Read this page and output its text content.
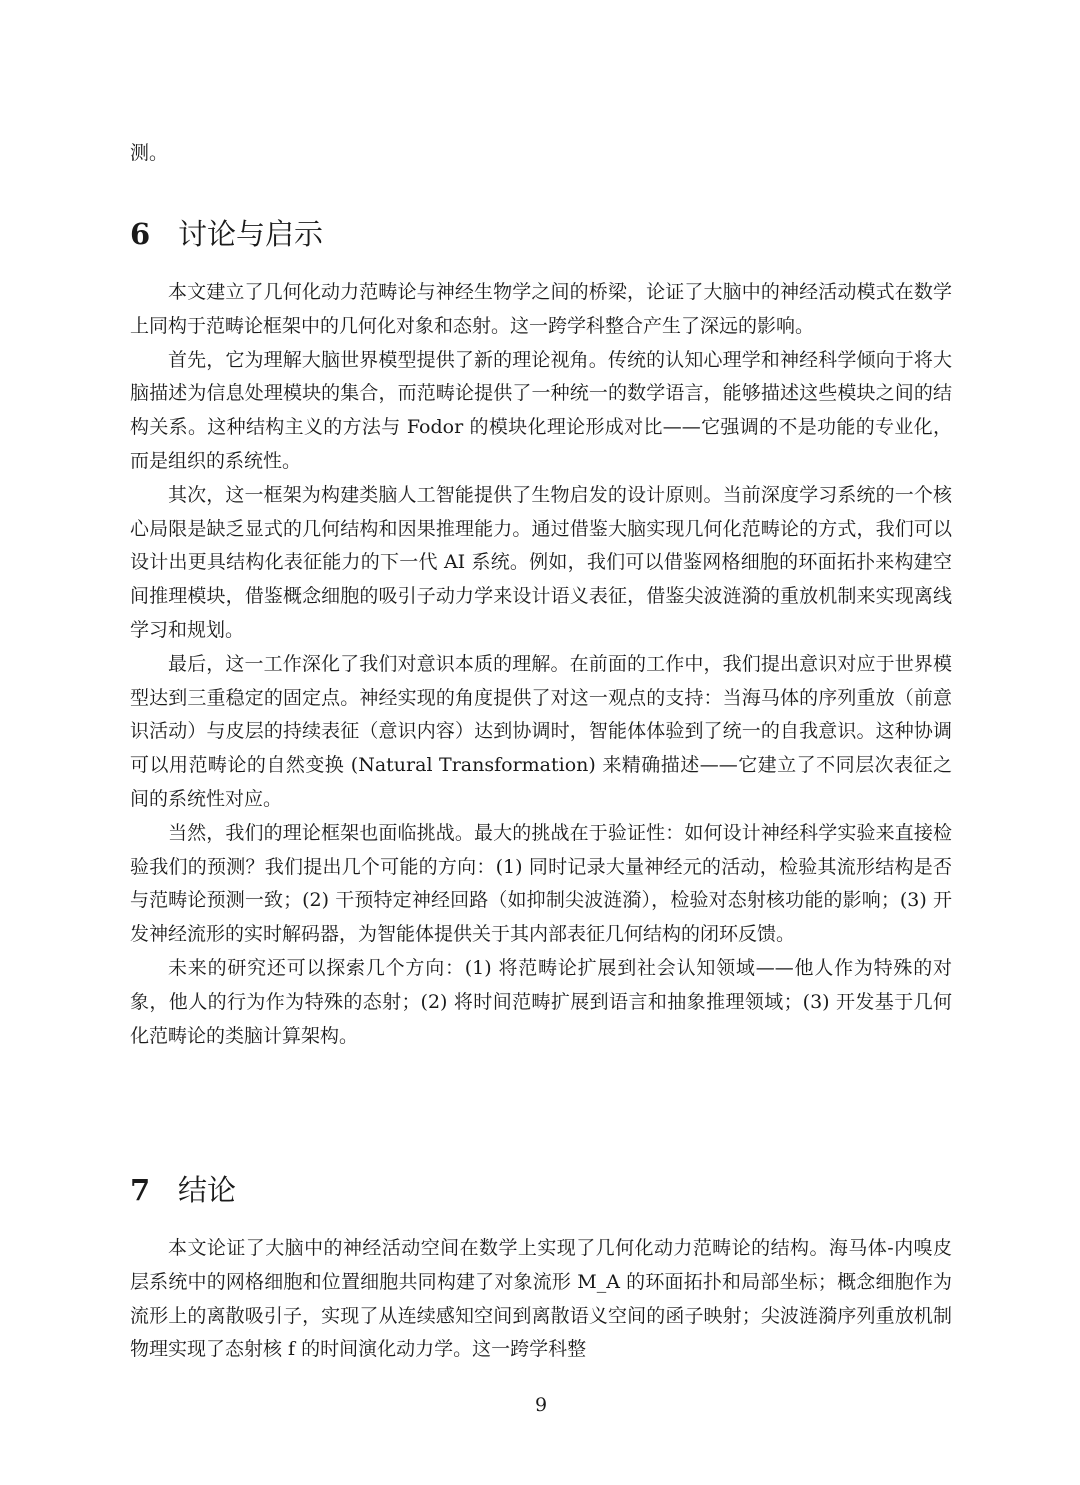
测。

6 讨论与启示

本文建立了几何化动力范畴论与神经生物学之间的桥梁，论证了大脑中的神经活动模式在数学上同构于范畴论框架中的几何化对象和态射。这一跨学科整合产生了深远的影响。

首先，它为理解大脑世界模型提供了新的理论视角。传统的认知心理学和神经科学倾向于将大脑描述为信息处理模块的集合，而范畴论提供了一种统一的数学语言，能够描述这些模块之间的结构关系。这种结构主义的方法与 Fodor 的模块化理论形成对比——它强调的不是功能的专业化，而是组织的系统性。

其次，这一框架为构建类脑人工智能提供了生物启发的设计原则。当前深度学习系统的一个核心局限是缺乏显式的几何结构和因果推理能力。通过借鉴大脑实现几何化范畴论的方式，我们可以设计出更具结构化表征能力的下一代 AI 系统。例如，我们可以借鉴网格细胞的环面拓扑来构建空间推理模块，借鉴概念细胞的吸引子动力学来设计语义表征，借鉴尖波涟漪的重放机制来实现离线学习和规划。

最后，这一工作深化了我们对意识本质的理解。在前面的工作中，我们提出意识对应于世界模型达到三重稳定的固定点。神经实现的角度提供了对这一观点的支持：当海马体的序列重放（前意识活动）与皮层的持续表征（意识内容）达到协调时，智能体体验到了统一的自我意识。这种协调可以用范畴论的自然变换 (Natural Transformation) 来精确描述——它建立了不同层次表征之间的系统性对应。

当然，我们的理论框架也面临挑战。最大的挑战在于验证性：如何设计神经科学实验来直接检验我们的预测？我们提出几个可能的方向：(1) 同时记录大量神经元的活动，检验其流形结构是否与范畴论预测一致；(2) 干预特定神经回路（如抑制尖波涟漪），检验对态射核功能的影响；(3) 开发神经流形的实时解码器，为智能体提供关于其内部表征几何结构的闭环反馈。

未来的研究还可以探索几个方向：(1) 将范畴论扩展到社会认知领域——他人作为特殊的对象，他人的行为作为特殊的态射；(2) 将时间范畴扩展到语言和抽象推理领域；(3) 开发基于几何化范畴论的类脑计算架构。

7 结论

本文论证了大脑中的神经活动空间在数学上实现了几何化动力范畴论的结构。海马体-内嗅皮层系统中的网格细胞和位置细胞共同构建了对象流形 M_A 的环面拓扑和局部坐标；概念细胞作为流形上的离散吸引子，实现了从连续感知空间到离散语义空间的函子映射；尖波涟漪序列重放机制物理实现了态射核 f 的时间演化动力学。这一跨学科整

9
